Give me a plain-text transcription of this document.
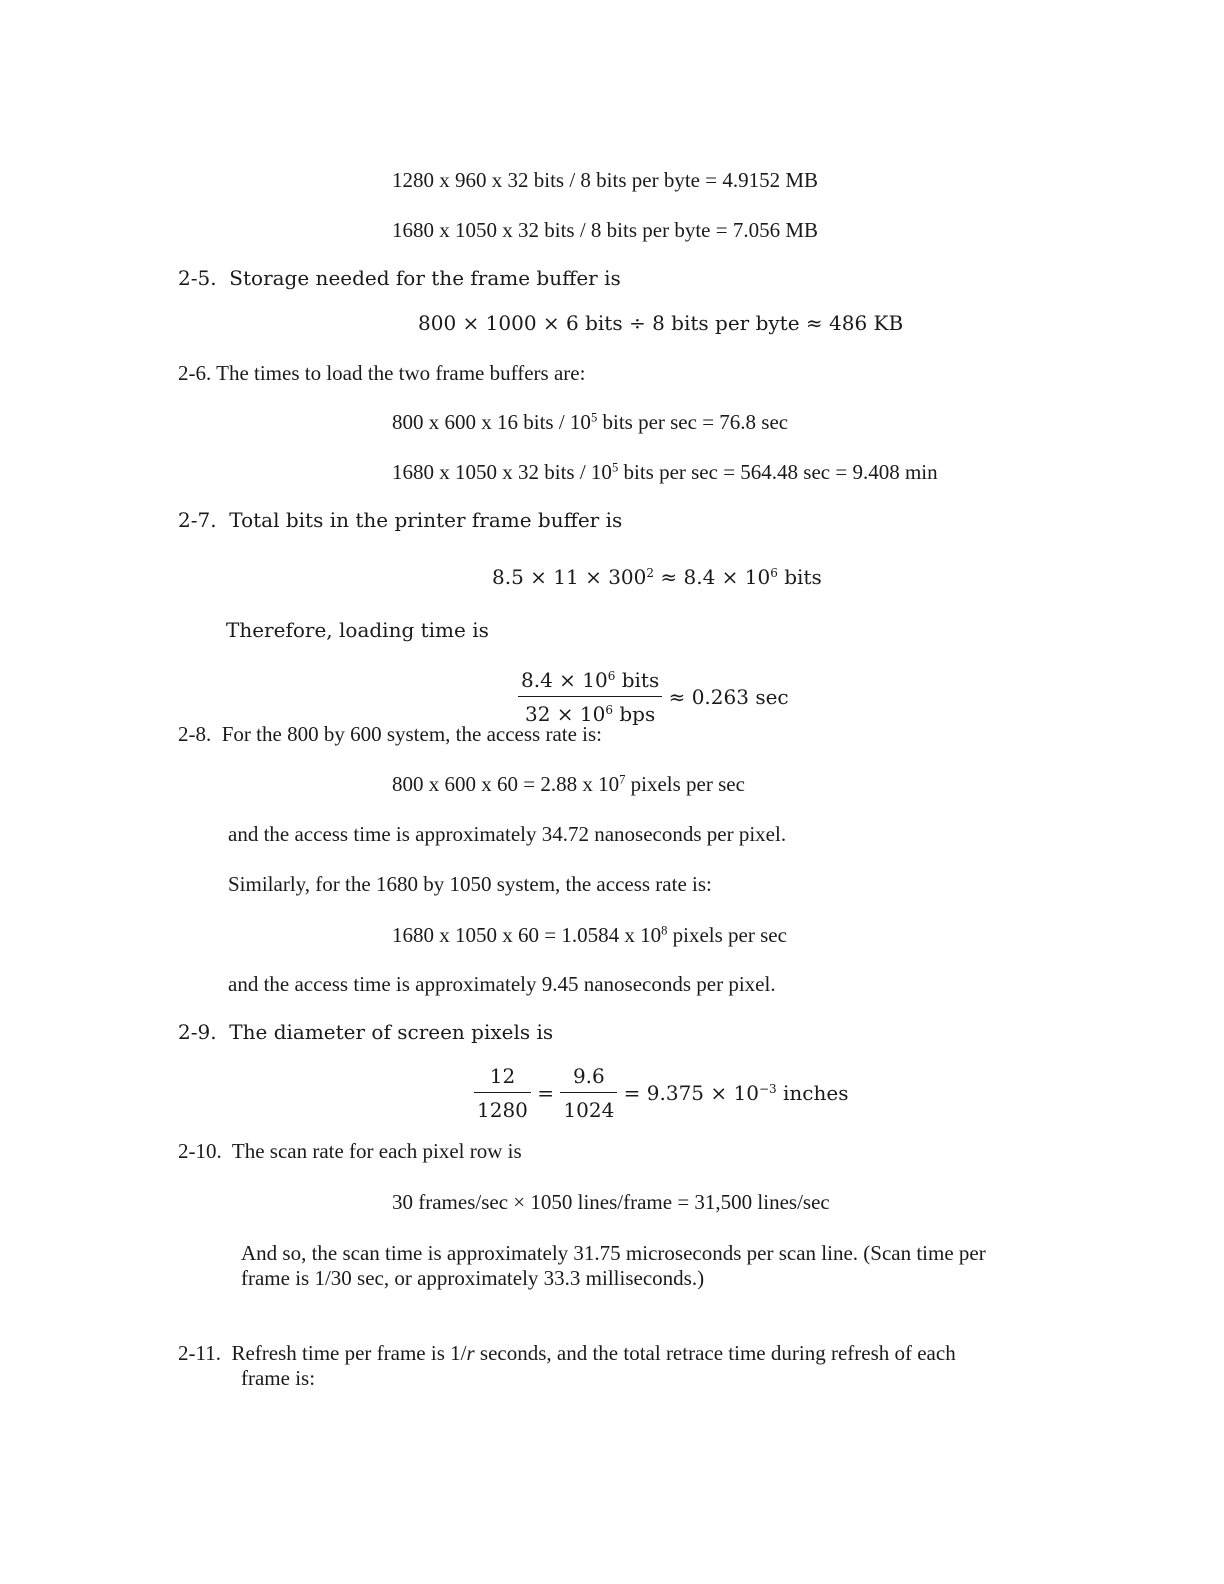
1280 x 960 x 32 bits / 8 bits per byte = 4.9152 MB
1680 x 1050 x 32 bits / 8 bits per byte = 7.056 MB
2-5. Storage needed for the frame buffer is
800 × 1000 × 6 bits ÷ 8 bits per byte ≈ 486 KB
2-6. The times to load the two frame buffers are:
800 x 600 x 16 bits / $10^5$ bits per sec = 76.8 sec
1680 x 1050 x 32 bits / $10^5$ bits per sec = 564.48 sec = 9.408 min
2-7. Total bits in the printer frame buffer is
$8.5 \times 11 \times 300^2 \approx 8.4 \times 10^6$ bits
Therefore, loading time is
$\frac{8.4 \times 10^6 bits}{32 \times 10^6 bps} \approx 0.263$ sec
2-8. For the 800 by 600 system, the access rate is:
800 x 600 x 60 = 2.88 x $10^7$ pixels per sec
and the access time is approximately 34.72 nanoseconds per pixel.
Similarly, for the 1680 by 1050 system, the access rate is:
1680 x 1050 x 60 = 1.0584 x $10^8$ pixels per sec
and the access time is approximately 9.45 nanoseconds per pixel.
2-9. The diameter of screen pixels is
$\frac{12}{1280} = \frac{9.6}{1024} = 9.375 \times 10^{-3}$ inches
2-10. The scan rate for each pixel row is
30 frames/sec × 1050 lines/frame = 31,500 lines/sec
And so, the scan time is approximately 31.75 microseconds per scan line. (Scan time per
frame is 1/30 sec, or approximately 33.3 milliseconds.)
2-11. Refresh time per frame is 1/r seconds, and the total retrace time during refresh of each
frame is:
